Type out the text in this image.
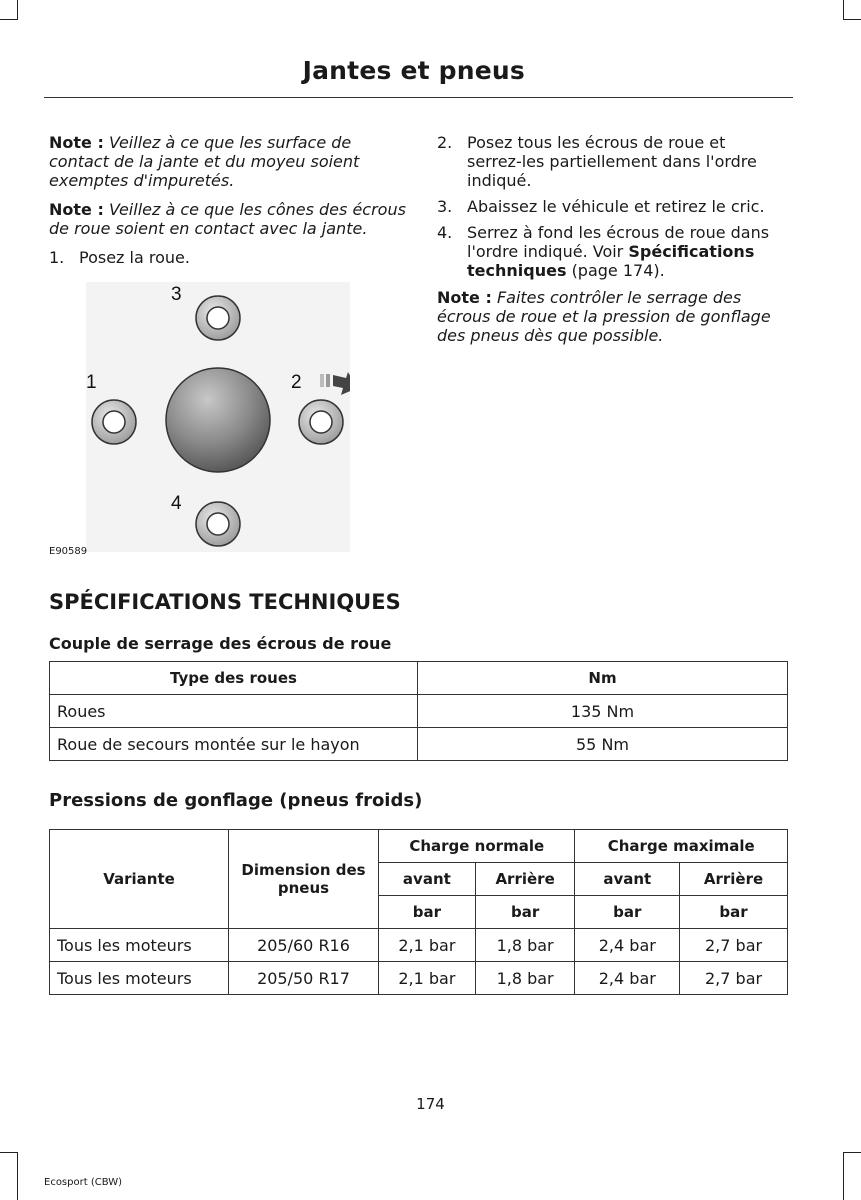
Jantes et pneus

Note : Veillez à ce que les surface de contact de la jante et du moyeu soient exemptes d'impuretés.

Note : Veillez à ce que les cônes des écrous de roue soient en contact avec la jante.

1. Posez la roue.
1	2
3
4
E90589
2. Posez tous les écrous de roue et serrez-les partiellement dans l'ordre indiqué.
3. Abaissez le véhicule et retirez le cric.
4. Serrez à fond les écrous de roue dans l'ordre indiqué. Voir Spécifications techniques (page 174).

Note : Faites contrôler le serrage des écrous de roue et la pression de gonflage des pneus dès que possible.

SPÉCIFICATIONS TECHNIQUES
Couple de serrage des écrous de roue
Type des roues	Nm
Roues	135 Nm
Roue de secours montée sur le hayon	55 Nm
Pressions de gonflage (pneus froids)
Variante	Dimension des pneus	Charge normale		Charge maximale	
		avant	Arrière	avant	Arrière
		bar	bar	bar	bar
Tous les moteurs	205/60 R16	2,1 bar	1,8 bar	2,4 bar	2,7 bar
Tous les moteurs	205/50 R17	2,1 bar	1,8 bar	2,4 bar	2,7 bar
174
Ecosport (CBW)
